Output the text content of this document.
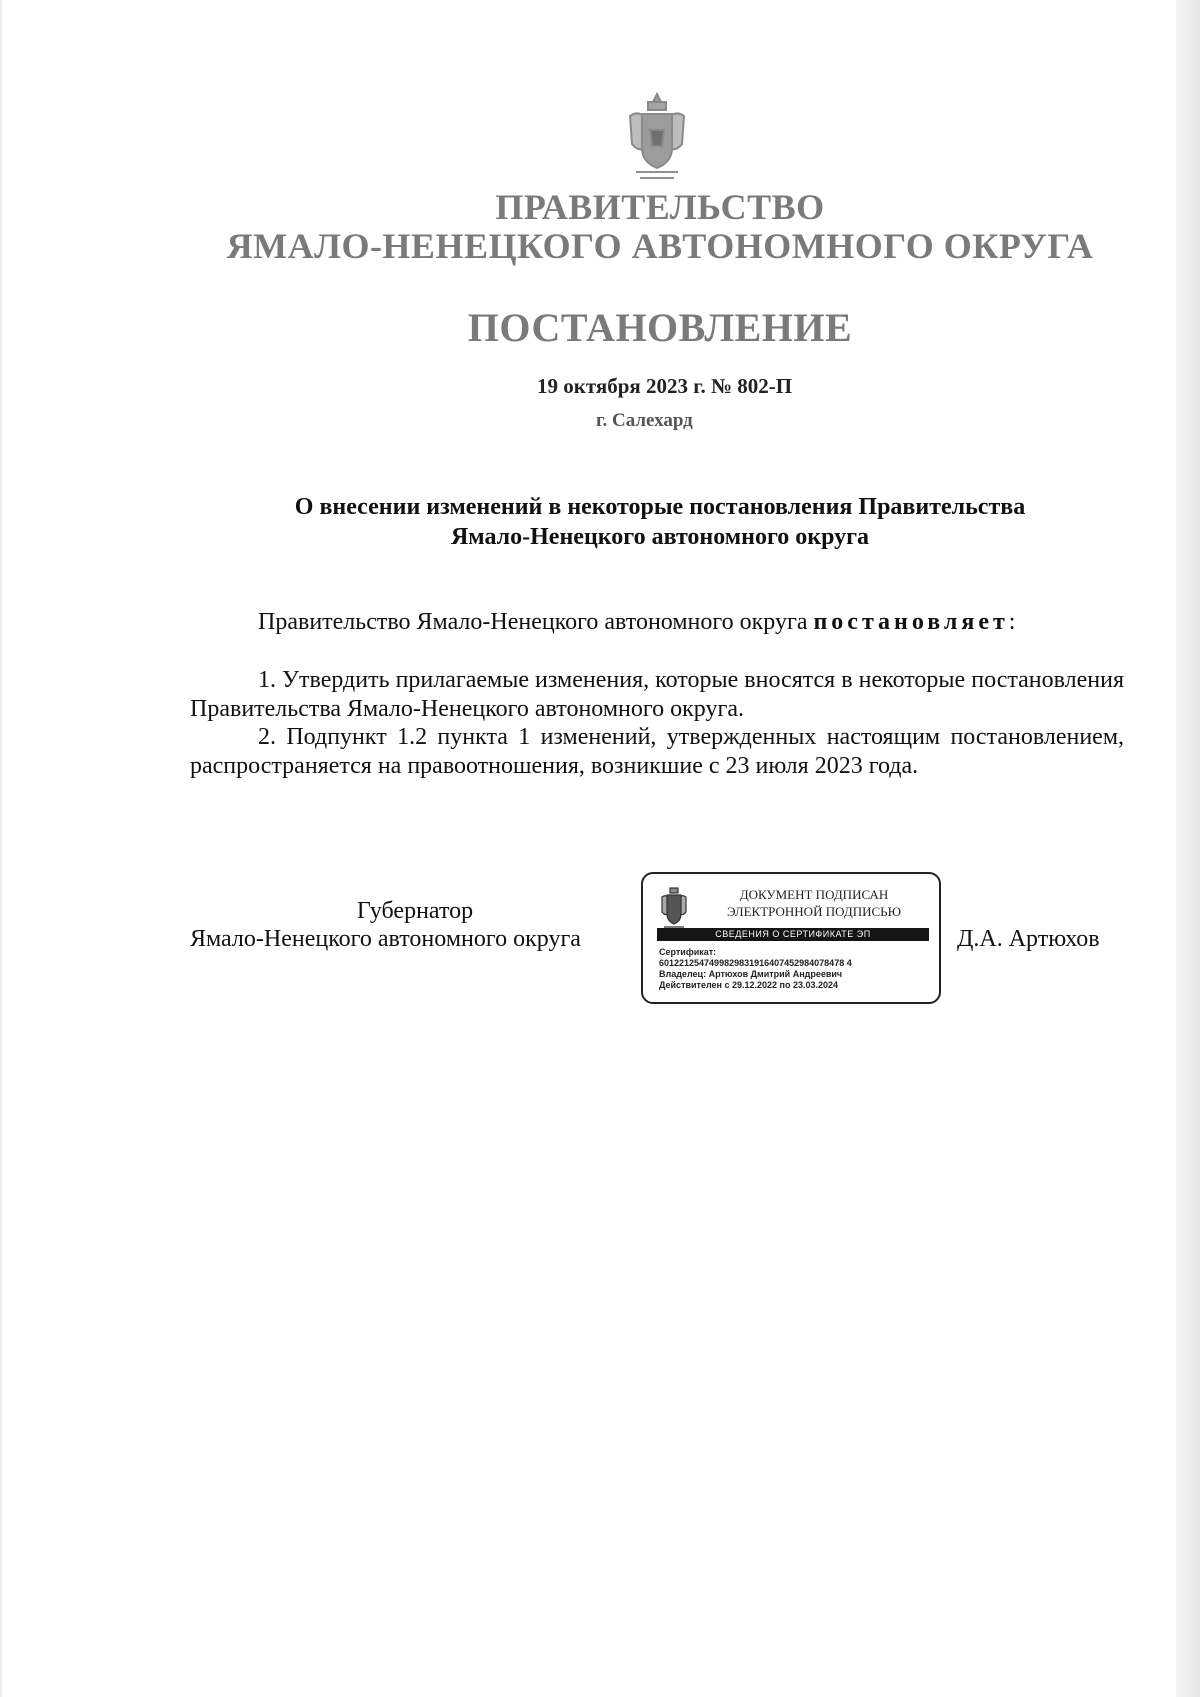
ПРАВИТЕЛЬСТВО
ЯМАЛО-НЕНЕЦКОГО АВТОНОМНОГО ОКРУГА
ПОСТАНОВЛЕНИЕ
19 октября 2023 г. № 802-П
г. Салехард
О внесении изменений в некоторые постановления Правительства
Ямало-Ненецкого автономного округа
Правительство Ямало-Ненецкого автономного округа постановляет:
1. Утвердить прилагаемые изменения, которые вносятся в некоторые постановления Правительства Ямало-Ненецкого автономного округа.
2. Подпункт 1.2 пункта 1 изменений, утвержденных настоящим постановлением, распространяется на правоотношения, возникшие с 23 июля 2023 года.
Губернатор
Ямало-Ненецкого автономного округа	Д.А. Артюхов
ДОКУМЕНТ ПОДПИСАН
ЭЛЕКТРОННОЙ ПОДПИСЬЮ
СВЕДЕНИЯ О СЕРТИФИКАТЕ ЭП
Сертификат:
6012212547499829831916407452984078478 4
Владелец: Артюхов Дмитрий Андреевич
Действителен с 29.12.2022 по 23.03.2024
